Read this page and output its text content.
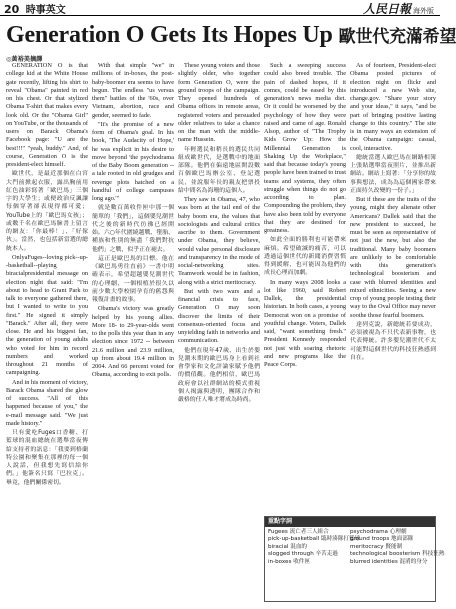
20 時事英文	人民日報 海外版
Generation O Gets Its Hopes Up 歐世代充滿希望
◎黃裕美摘譯

GENERATION O is that college kid at the White House gate recently, lifting his shirt to reveal "Obama" painted in red on his chest. Or that stylized Obama T-shirt that makes every look old. Or the "Obama Girl" on YouTube, or the thousands of users on Barack Obama's Facebook page: "U are the best!!!" "yeah, buddy." And, of course, Generation O is the president-elect himself.

歐世代，是最近那個在白宮大門前掀起衣服，露出胸前用紅色油彩寫著「歐巴馬」三個字的大學生；或便政治反諷讓每個穿著卻表現得都可愛；YouTube上的「歐巴馬女孩」；或數千名在歐巴馬臉書上留言的網友：「你最棒！」、「好傢伙」。當然，也包括新當選的總統本人。

OnlyaFuges--loving pick--up--basketball--playing biracialpresidential message on election night that said: "I'm about to head to Grant Park to talk to everyone gathered there, but I wanted to write to you first." He signed it simply "Barack." After all, they were close. He and his biggest fan, the generation of young adults who voted for him in record numbers and worked throughout 21 months of campaigning.

And in his moment of victory, Barack Obama shared the glow of success. "All of this happened because of you," the e-mail message said. "We just made history."

只有愛吃Fuges口香糖、打籃球的混血總統在選舉當夜傳給支持者的訊息：「我要到格蘭特公園和聚集在那裡的每一個人說話，但我想先寫信給你們。」他簽名只寫「巴拉克」。畢竟，他們關係密切。

With that simple "we" in millions of in-boxes, the post-baby-boomer era seems to have begun. The endless "us versus them" battles of the '60s, over Vietnam, abortion, race and gender, seemed to fade.

"It's the promise of a new form of Obama's goal. In his book, 'The Audacity of Hope,' he was explicit in his desire to move beyond 'the psychodrama of the Baby Boom generation -- a tale rooted in old grudges and revenge plots hatched on a handful of college campuses long ago.'"

就是數百萬收件匣中那一個簡單的「我們」，這個嬰兒潮世代之後的新時代彷彿已經開始。六○年代圍繞越戰、墮胎、種族和性別的無盡「我們對抗他們」之戰，似乎正在褪去。

這正是歐巴馬的目標。他在《歐巴馬勇往直前》一書中明確表示，希望超越嬰兒潮世代的心理劇，一個根植於很久以前少數大學校園孕育的舊怨與報復計畫的故事。

Obama's victory was greatly helped by his young allies. More 18- to 29-year-olds went to the polls this year than in any election since 1972 -- between 21.6 million and 23.9 million, up from about 19.4 million in 2004. And 66 percent voted for Obama, according to exit polls.

These young voters and those slightly older, who together form Generation O, were the ground troops of the campaign. They opened hundreds of Obama offices in remote areas, registered voters and persuaded older relatives to take a chance on the man with the middle-name Hussein.

年輕選民和稍長的選民共同組成歐世代，是選戰中的地面部隊。他們在偏遠地區開設數百個歐巴馬辦公室、登記選民，並說服年長的親友把票投給中間名為海珊的這個人。

They saw in Obama, 47, who was born at the tail end of the baby boom era, the values that sociologists and cultural critics ascribe to them. Government under Obama, they believe, would value personal disclosure and transparency in the mode of social-networking sites. Teamwork would be in fashion, along with a strict meritocracy.

But with two wars and a financial crisis to face, Generation O may soon discover the limits of their consensus-oriented focus and unyielding faith in networks and communication.

他們在現年47歲、出生於嬰兒潮末期的歐巴馬身上看到社會學家和文化評論家賦予他們的價值觀。他們相信，歐巴馬政府會以社群網站的模式重視個人揭露與透明，團隊合作和嚴格的任人唯才將成為時尚。

Such a sweeping success could also breed trouble. The pain of dashed hopes, if it comes, could be eased by this generation's news media diet. Or it could be worsened by the psychology of how they were raised and came of age. Ronald Alsop, author of "The Trophy Kids Grow Up: How the Millennial Generation is Shaking Up the Workplace," said that because today's young people have been trained to trust teams and systems, they often struggle when things do not go according to plan. Compounding the problem, they have also been told by everyone that they are destined for greatness.

如此全面的勝利也可能帶來麻煩。希望破滅的痛苦，可以透過這個世代的新聞消費習慣得到緩解，也可能因為他們的成長心理而加劇。

In many ways 2008 looks a lot like 1960, said Robert Dallek, the presidential historian. In both cases, a young Democrat won on a promise of youthful change. Voters, Dallek said, "want something fresh." President Kennedy responded not just with soaring rhetoric and new programs like the Peace Corps.

As of fourteen, President-elect Obama posted pictures of election night on flickr and introduced a new Web site, change.gov. "Share your story and your ideas," it says, "and be part of bringing positive lasting change to this country." The site is in many ways an extension of the Obama campaign: casual, cool, interactive.

總統當選人歐巴馬在網路相簿上張貼選舉當夜照片，並推出新網站。網站上寫著：「分享你的故事與想法，成為為這個國家帶來正面持久改變的一份子。」

But if these are the traits of the young, might they alienate other Americans? Dallek said that the new president to succeed, he must be seen as representative of not just the new, but also the traditional. Many baby boomers are unlikely to be comfortable with this generation's technological boosterism and case with blurred identities and mixed ethnicities. Seeing a new crop of young people testing their way to the Oval Office may never soothe those fearful boomers.

達列克說，新總統若要成功，必須被視為不只代表新事物，也代表傳統。許多嬰兒潮世代不太可能對這個世代的科技狂熱感到自在。

重點字詞
Fugees 流亡者三人組合
pick-up-basketball 臨時湊隊打籃球
biracial 混血的
slogged through 辛苦走過
in-boxes 收件匣
psychodrama 心理劇
ground troops 地面部隊
meritocracy 賢能制
technological boosterism 科技狂熱
blurred identities 混淆的身分
